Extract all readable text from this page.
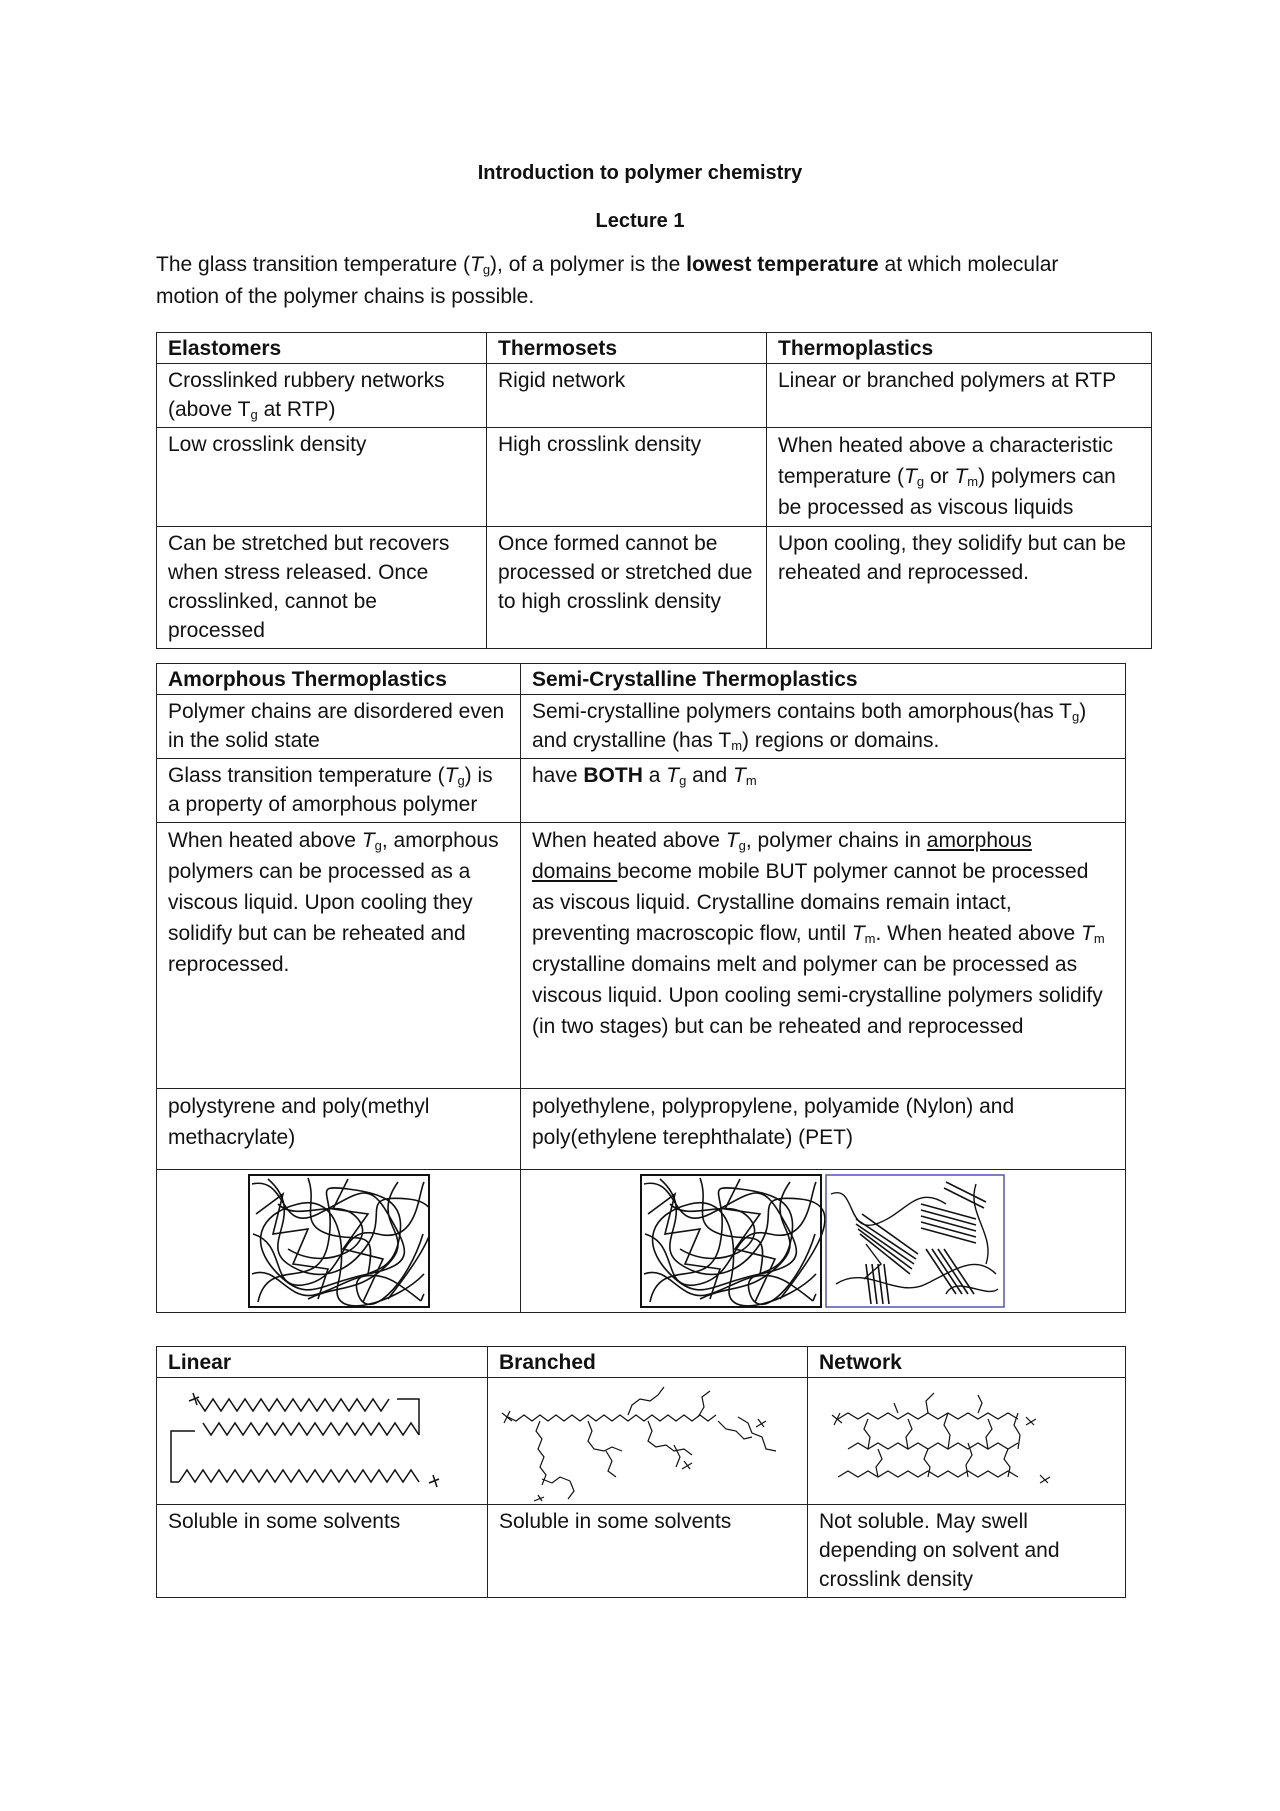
Introduction to polymer chemistry
Lecture 1
The glass transition temperature $(T_g)$, of a polymer is the lowest temperature at which molecular motion of the polymer chains is possible.
Elastomers	Thermosets	Thermoplastics
Crosslinked rubbery networks (above $T_g$ at RTP)	Rigid network	Linear or branched polymers at RTP
Low crosslink density	High crosslink density	When heated above a characteristic temperature ($T_g$ or $T_m$) polymers can be processed as viscous liquids
Can be stretched but recovers when stress released. Once crosslinked, cannot be processed	Once formed cannot be processed or stretched due to high crosslink density	Upon cooling, they solidify but can be reheated and reprocessed.
Amorphous Thermoplastics	Semi-Crystalline Thermoplastics
Polymer chains are disordered even in the solid state	Semi-crystalline polymers contains both amorphous(has $T_g$) and crystalline (has $T_m$) regions or domains.
Glass transition temperature $(T_g)$ is a property of amorphous polymer	have BOTH a $T_g$ and $T_m$
When heated above $T_g$, amorphous polymers can be processed as a viscous liquid. Upon cooling they solidify but can be reheated and reprocessed.	When heated above $T_g$, polymer chains in amorphous domains become mobile BUT polymer cannot be processed as viscous liquid. Crystalline domains remain intact, preventing macroscopic flow, until $T_m$. When heated above $T_m$ crystalline domains melt and polymer can be processed as viscous liquid. Upon cooling semi-crystalline polymers solidify (in two stages) but can be reheated and reprocessed
polystyrene and poly(methyl methacrylate)	polyethylene, polypropylene, polyamide (Nylon) and poly(ethylene terephthalate) (PET)

Linear	Branched	Network

Soluble in some solvents	Soluble in some solvents	Not soluble. May swell depending on solvent and crosslink density
